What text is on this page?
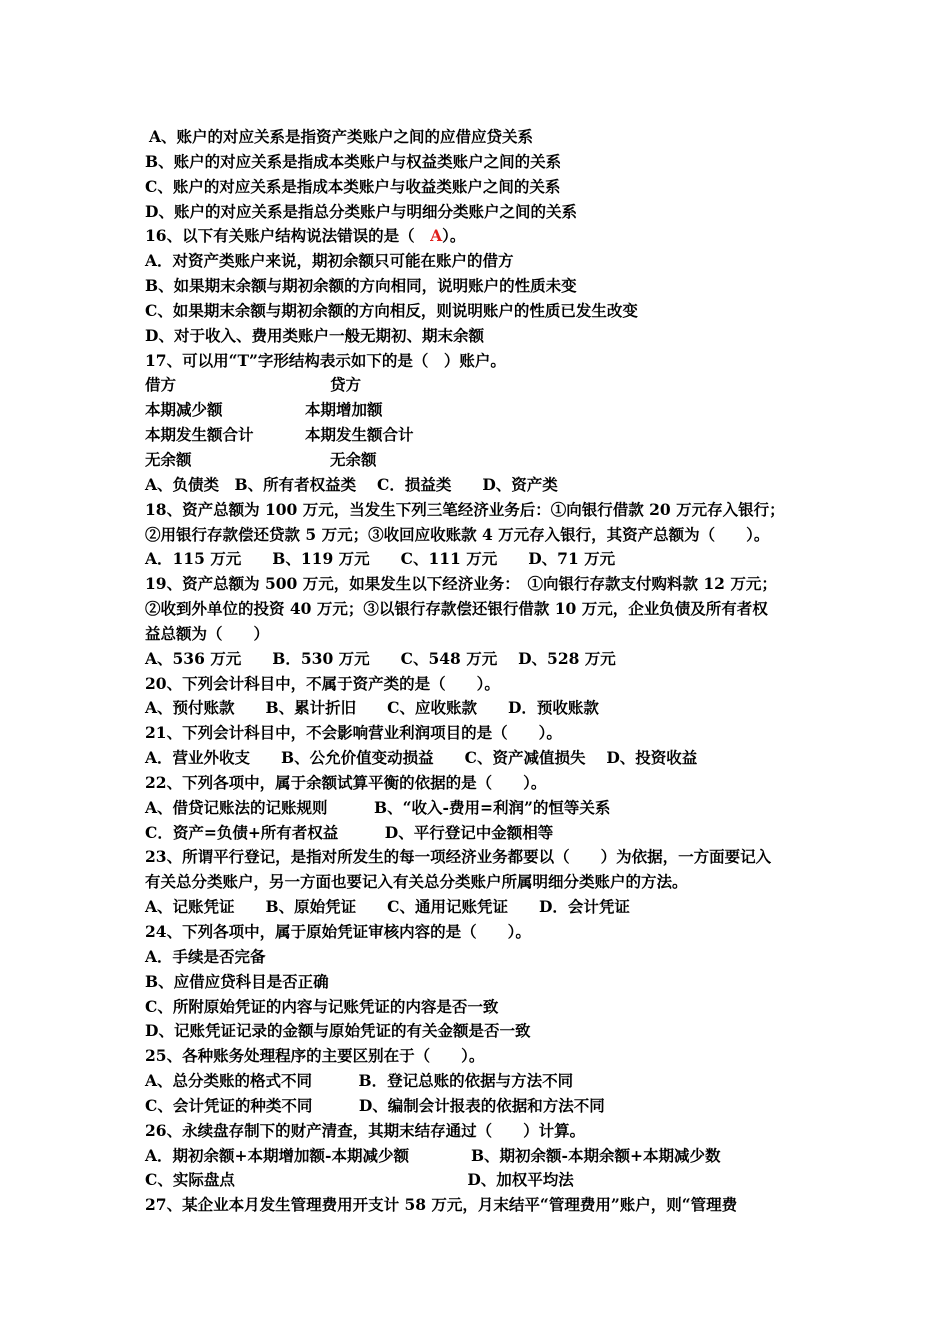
A、账户的对应关系是指资产类账户之间的应借应贷关系
B、账户的对应关系是指成本类账户与权益类账户之间的关系
C、账户的对应关系是指成本类账户与收益类账户之间的关系
D、账户的对应关系是指总分类账户与明细分类账户之间的关系
16、以下有关账户结构说法错误的是（  A）。
A．对资产类账户来说，期初余额只可能在账户的借方
B、如果期末余额与期初余额的方向相同，说明账户的性质未变
C、如果期末余额与期初余额的方向相反，则说明账户的性质已发生改变
D、对于收入、费用类账户一般无期初、期末余额
17、可以用“T”字形结构表示如下的是（　）账户。
借方	贷方
本期减少额	本期增加额
本期发生额合计	本期发生额合计
无余额	无余额
A、负债类　B、所有者权益类　 C．损益类　　D、资产类
18、资产总额为 100 万元，当发生下列三笔经济业务后：①向银行借款 20 万元存入银行；
②用银行存款偿还贷款 5 万元；③收回应收账款 4 万元存入银行，其资产总额为（　　）。
A．115 万元　　B、119 万元　　C、111 万元　　D、71 万元
19、资产总额为 500 万元，如果发生以下经济业务：　①向银行存款支付购料款 12 万元；
②收到外单位的投资 40 万元；③以银行存款偿还银行借款 10 万元，企业负债及所有者权
益总额为（　　）
A、536 万元　　B．530 万元　　C、548 万元　 D、528 万元
20、下列会计科目中，不属于资产类的是（　　）。
A、预付账款　　B、累计折旧　　C、应收账款　　D．预收账款
21、下列会计科目中，不会影响营业利润项目的是（　　）。
A．营业外收支　　B、公允价值变动损益　　C、资产减值损失　 D、投资收益
22、下列各项中，属于余额试算平衡的依据的是（　　）。
A、借贷记账法的记账规则　　　B、“收入-费用=利润”的恒等关系
C．资产=负债+所有者权益　　　D、平行登记中金额相等
23、所谓平行登记，是指对所发生的每一项经济业务都要以（　　）为依据，一方面要记入
有关总分类账户，另一方面也要记入有关总分类账户所属明细分类账户的方法。
A、记账凭证　　B、原始凭证　　C、通用记账凭证　　D．会计凭证
24、下列各项中，属于原始凭证审核内容的是（　　）。
A．手续是否完备
B、应借应贷科目是否正确
C、所附原始凭证的内容与记账凭证的内容是否一致
D、记账凭证记录的金额与原始凭证的有关金额是否一致
25、各种账务处理程序的主要区别在于（　　）。
A、总分类账的格式不同　　　B．登记总账的依据与方法不同
C、会计凭证的种类不同　　　D、编制会计报表的依据和方法不同
26、永续盘存制下的财产清查，其期末结存通过（　　）计算。
A．期初余额+本期增加额-本期减少额　　　　B、期初余额-本期余额+本期减少数
C、实际盘点　　　　　　　　　　　　　　　D、加权平均法
27、某企业本月发生管理费用开支计 58 万元，月末结平“管理费用”账户，则“管理费
